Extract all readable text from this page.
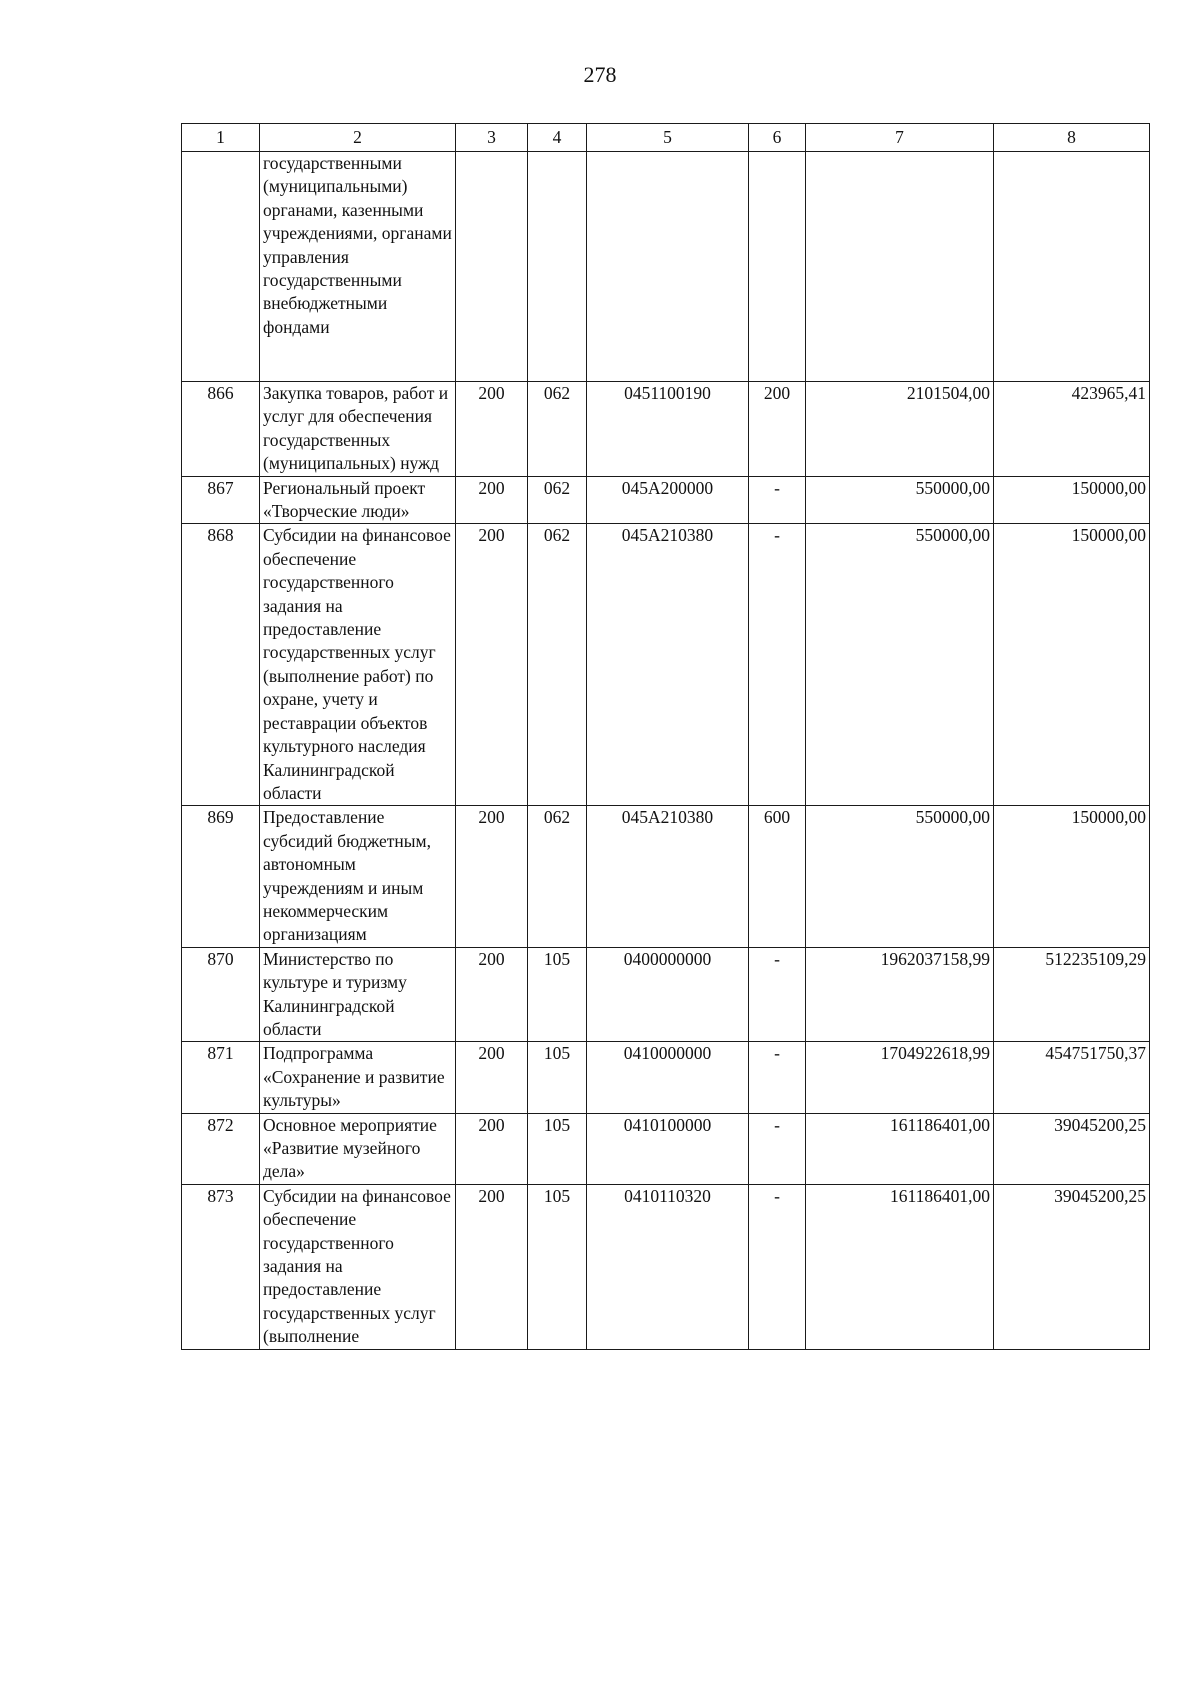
278
1	2	3	4	5	6	7	8
	государственными (муниципальными) органами, казенными учреждениями, органами управления государственными внебюджетными фондами						
866	Закупка товаров, работ и услуг для обеспечения государственных (муниципальных) нужд	200	062	0451100190	200	2101504,00	423965,41
867	Региональный проект «Творческие люди»	200	062	045A200000	-	550000,00	150000,00
868	Субсидии на финансовое обеспечение государственного задания на предоставление государственных услуг (выполнение работ) по охране, учету и реставрации объектов культурного наследия Калининградской области	200	062	045A210380	-	550000,00	150000,00
869	Предоставление субсидий бюджетным, автономным учреждениям и иным некоммерческим организациям	200	062	045A210380	600	550000,00	150000,00
870	Министерство по культуре и туризму Калининградской области	200	105	0400000000	-	1962037158,99	512235109,29
871	Подпрограмма «Сохранение и развитие культуры»	200	105	0410000000	-	1704922618,99	454751750,37
872	Основное мероприятие «Развитие музейного дела»	200	105	0410100000	-	161186401,00	39045200,25
873	Субсидии на финансовое обеспечение государственного задания на предоставление государственных услуг (выполнение	200	105	0410110320	-	161186401,00	39045200,25
